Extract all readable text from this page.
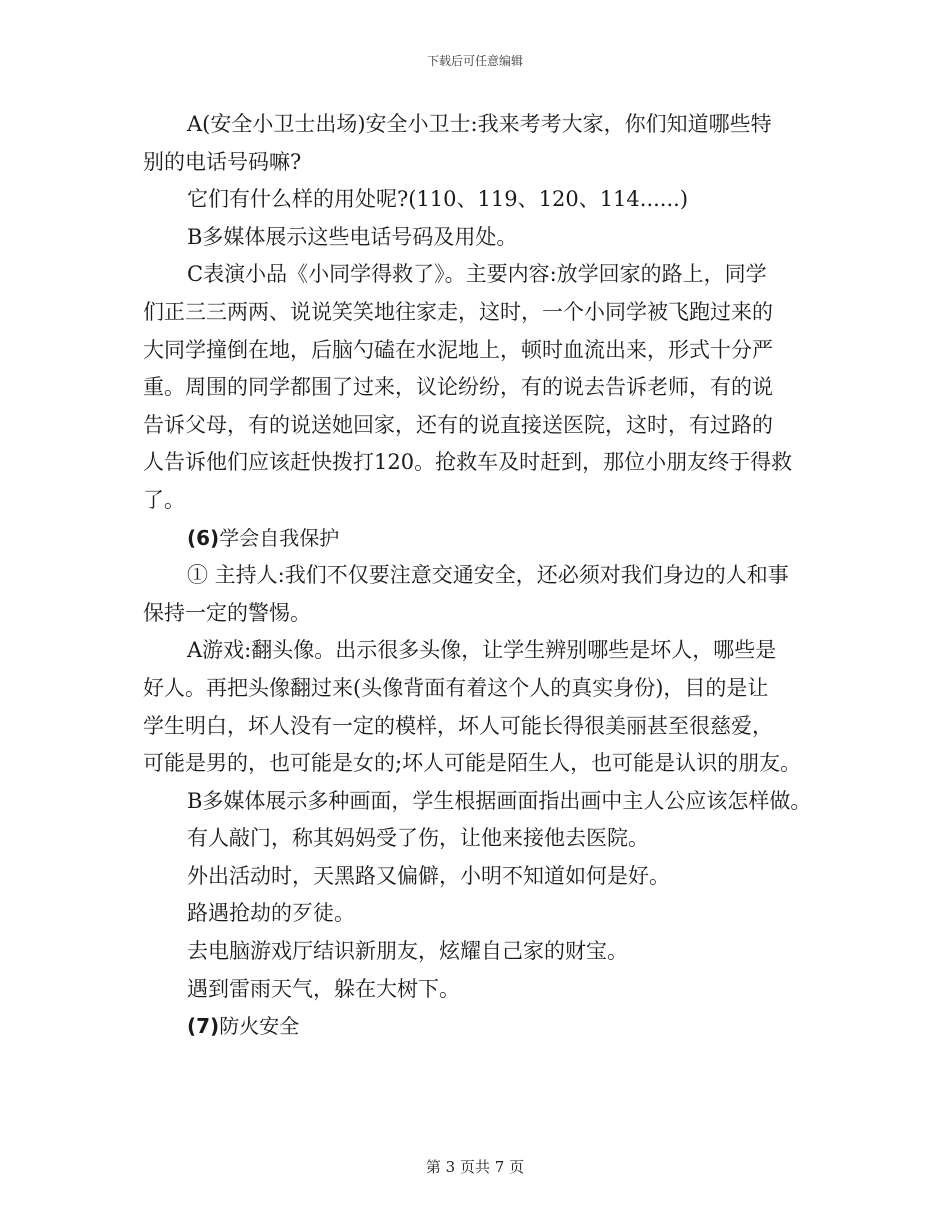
下载后可任意编辑
A(安全小卫士出场)安全小卫士:我来考考大家，你们知道哪些特
别的电话号码嘛?
它们有什么样的用处呢?(110、119、120、114......)
B多媒体展示这些电话号码及用处。
C表演小品《小同学得救了》。主要内容:放学回家的路上，同学
们正三三两两、说说笑笑地往家走，这时，一个小同学被飞跑过来的
大同学撞倒在地，后脑勺磕在水泥地上，顿时血流出来，形式十分严
重。周围的同学都围了过来，议论纷纷，有的说去告诉老师，有的说
告诉父母，有的说送她回家，还有的说直接送医院，这时，有过路的
人告诉他们应该赶快拨打120。抢救车及时赶到，那位小朋友终于得救
了。
(6)学会自我保护
① 主持人:我们不仅要注意交通安全，还必须对我们身边的人和事
保持一定的警惕。
A游戏:翻头像。出示很多头像，让学生辨别哪些是坏人，哪些是
好人。再把头像翻过来(头像背面有着这个人的真实身份)，目的是让
学生明白，坏人没有一定的模样，坏人可能长得很美丽甚至很慈爱，
可能是男的，也可能是女的;坏人可能是陌生人，也可能是认识的朋友。
B多媒体展示多种画面，学生根据画面指出画中主人公应该怎样做。
有人敲门，称其妈妈受了伤，让他来接他去医院。
外出活动时，天黑路又偏僻，小明不知道如何是好。
路遇抢劫的歹徒。
去电脑游戏厅结识新朋友，炫耀自己家的财宝。
遇到雷雨天气，躲在大树下。
(7)防火安全
第 3 页共 7 页
